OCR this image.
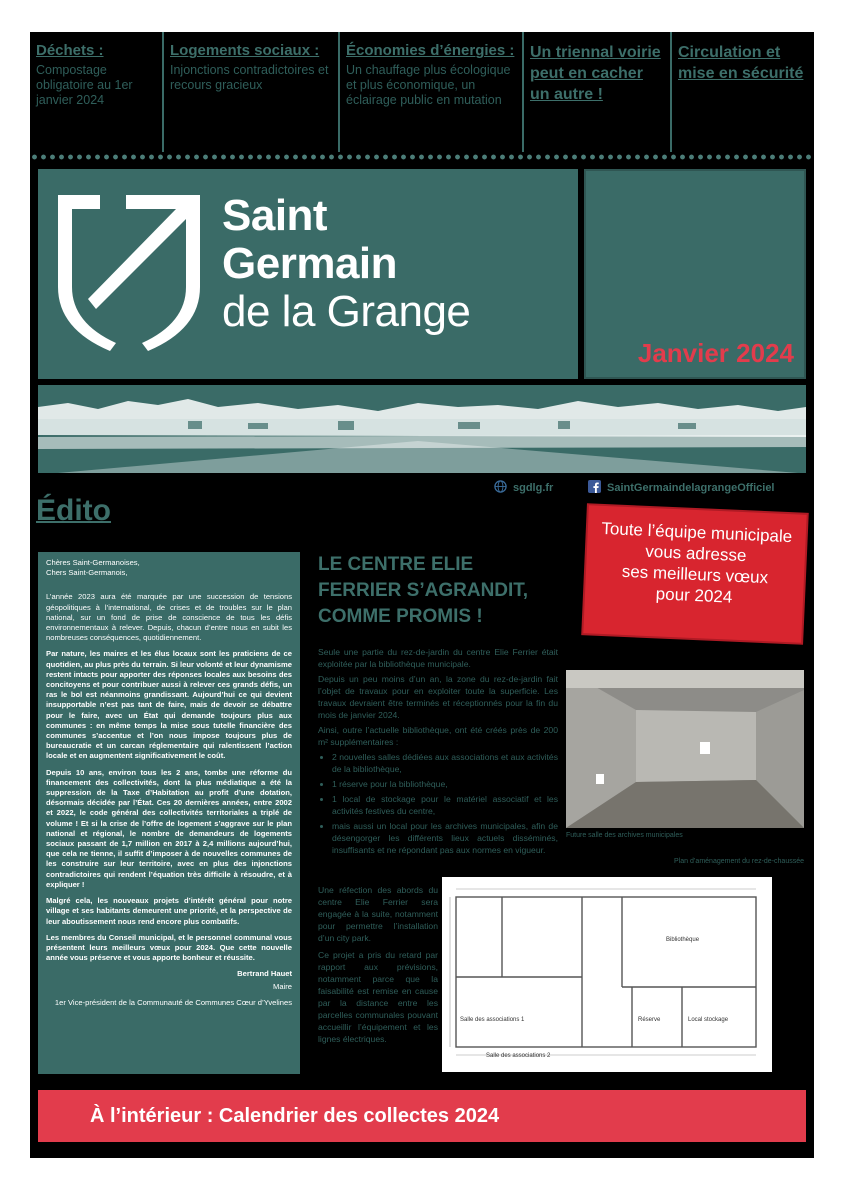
Déchets :
Compostage obligatoire au 1er janvier 2024
Logements sociaux :
Injonctions contradictoires et recours gracieux
Économies d’énergies :
Un chauffage plus écologique et plus économique, un éclairage public en mutation
Un triennal voirie peut en cacher un autre !
Circulation et mise en sécurité
Saint
Germain
de la Grange
Janvier 2024
sgdlg.fr	SaintGermaindelagrangeOfficiel
Édito

Chères Saint-Germanoises,

Chers Saint-Germanois,

L’année 2023 aura été marquée par une succession de tensions géopolitiques à l’international, de crises et de troubles sur le plan national, sur un fond de prise de conscience de tous les défis environnementaux à relever. Depuis, chacun d’entre nous en subit les nombreuses conséquences, quotidiennement.

Par nature, les maires et les élus locaux sont les praticiens de ce quotidien, au plus près du terrain. Si leur volonté et leur dynamisme restent intacts pour apporter des réponses locales aux besoins des concitoyens et pour contribuer aussi à relever ces grands défis, un ras le bol est néanmoins grandissant. Aujourd’hui ce qui devient insupportable n’est pas tant de faire, mais de devoir se débattre pour le faire, avec un État qui demande toujours plus aux communes : en même temps la mise sous tutelle financière des communes s’accentue et l’on nous impose toujours plus de bureaucratie et un carcan réglementaire qui ralentissent l’action locale et en augmentent significativement le coût.

Depuis 10 ans, environ tous les 2 ans, tombe une réforme du financement des collectivités, dont la plus médiatique a été la suppression de la Taxe d’Habitation au profit d’une dotation, désormais décidée par l’État. Ces 20 dernières années, entre 2002 et 2022, le code général des collectivités territoriales a triplé de volume ! Et si la crise de l’offre de logement s’aggrave sur le plan national et régional, le nombre de demandeurs de logements sociaux passant de 1,7 million en 2017 à 2,4 millions aujourd’hui, que cela ne tienne, il suffit d’imposer à de nouvelles communes de les construire sur leur territoire, avec en plus des injonctions contradictoires qui rendent l’équation très difficile à résoudre, et à expliquer !

Malgré cela, les nouveaux projets d’intérêt général pour notre village et ses habitants demeurent une priorité, et la perspective de leur aboutissement nous rend encore plus combatifs.

Les membres du Conseil municipal, et le personnel communal vous présentent leurs meilleurs vœux pour 2024. Que cette nouvelle année vous préserve et vous apporte bonheur et réussite.

Bertrand Hauet

Maire

1er Vice-président de la Communauté de Communes Cœur d’Yvelines

Toute l’équipe municipale
vous adresse
ses meilleurs vœux
pour 2024
LE CENTRE ELIE FERRIER S’AGRANDIT, COMME PROMIS !

Seule une partie du rez-de-jardin du centre Elie Ferrier était exploitée par la bibliothèque municipale.

Depuis un peu moins d’un an, la zone du rez-de-jardin fait l’objet de travaux pour en exploiter toute la superficie. Les travaux devraient être terminés et réceptionnés pour la fin du mois de janvier 2024.

Ainsi, outre l’actuelle bibliothèque, ont été créés près de 200 m² supplémentaires :

• 2 nouvelles salles dédiées aux associations et aux activités de la bibliothèque,
• 1 réserve pour la bibliothèque,
• 1 local de stockage pour le matériel associatif et les activités festives du centre,
• mais aussi un local pour les archives municipales, afin de désengorger les différents lieux actuels disséminés, insuffisants et ne répondant pas aux normes en vigueur.

Une réfection des abords du centre Elie Ferrier sera engagée à la suite, notamment pour permettre l’installation d’un city park.

Ce projet a pris du retard par rapport aux prévisions, notamment parce que la faisabilité est remise en cause par la distance entre les parcelles communales pouvant accueillir l’équipement et les lignes électriques.

Future salle des archives municipales
Plan d’aménagement du rez-de-chaussée
Salle des associations 1
Salle des associations 2
Réserve	Local stockage
Bibliothèque
À l’intérieur : Calendrier des collectes 2024
